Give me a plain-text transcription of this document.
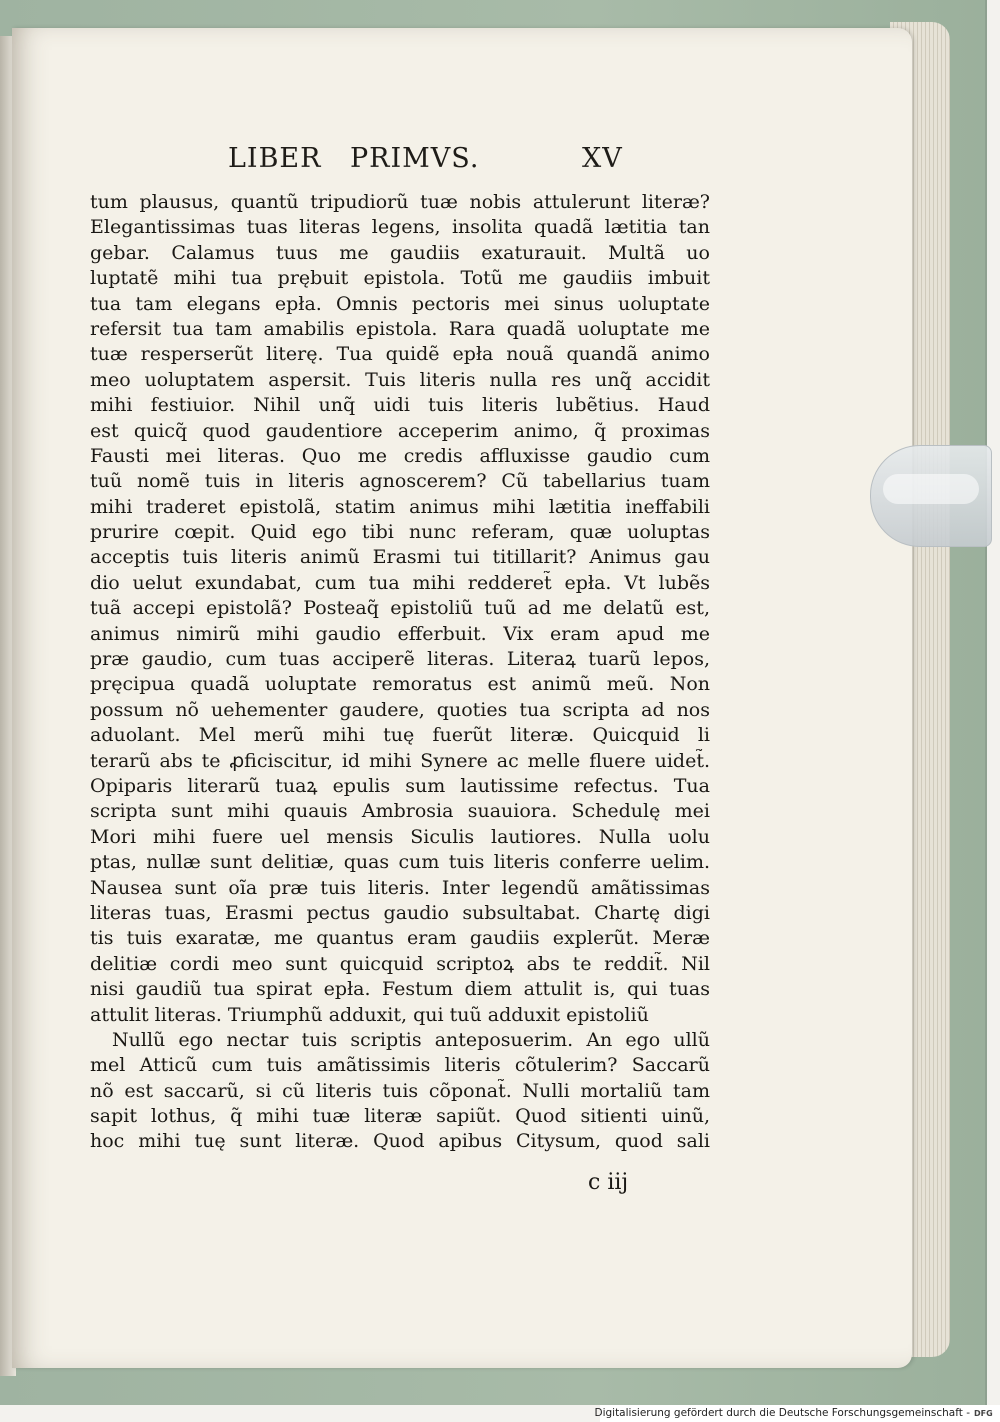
LIBER PRIMVS.	XV
tum plausus, quantũ tripudiorũ tuæ nobis attulerunt literæ?
Elegantissimas tuas literas legens, insolita quadã lætitia tan
gebar. Calamus tuus me gaudiis exaturauit. Multã uo
luptatẽ mihi tua prębuit epistola. Totũ me gaudiis imbuit
tua tam elegans epła. Omnis pectoris mei sinus uoluptate
refersit tua tam amabilis epistola. Rara quadã uoluptate me
tuæ resperserũt literę. Tua quidẽ epła nouã quandã animo
meo uoluptatem aspersit. Tuis literis nulla res unq̃ accidit
mihi festiuior. Nihil unq̃ uidi tuis literis lubẽtius. Haud
est quicq̃ quod gaudentiore acceperim animo, q̃ proximas
Fausti mei literas. Quo me credis affluxisse gaudio cum
tuũ nomẽ tuis in literis agnoscerem? Cũ tabellarius tuam
mihi traderet epistolã, statim animus mihi lætitia ineffabili
prurire cœpit. Quid ego tibi nunc referam, quæ uoluptas
acceptis tuis literis animũ Erasmi tui titillarit? Animus gau
dio uelut exundabat, cum tua mihi redderet̃ epła. Vt lubẽs
tuã accepi epistolã? Posteaq̃ epistoliũ tuũ ad me delatũ est,
animus nimirũ mihi gaudio efferbuit. Vix eram apud me
præ gaudio, cum tuas acciperẽ literas. Literaꝝ tuarũ lepos,
pręcipua quadã uoluptate remoratus est animũ meũ. Non
possum nõ uehementer gaudere, quoties tua scripta ad nos
aduolant. Mel merũ mihi tuę fuerũt literæ. Quicquid li
terarũ abs te ꝓficiscitur, id mihi Synere ac melle fluere uidet̃.
Opiparis literarũ tuaꝝ epulis sum lautissime refectus. Tua
scripta sunt mihi quauis Ambrosia suauiora. Schedulę mei
Mori mihi fuere uel mensis Siculis lautiores. Nulla uolu
ptas, nullæ sunt delitiæ, quas cum tuis literis conferre uelim.
Nausea sunt oĩa præ tuis literis. Inter legendũ amãtissimas
literas tuas, Erasmi pectus gaudio subsultabat. Chartę digi
tis tuis exaratæ, me quantus eram gaudiis explerũt. Meræ
delitiæ cordi meo sunt quicquid scriptoꝝ abs te reddit̃. Nil
nisi gaudiũ tua spirat epła. Festum diem attulit is, qui tuas
attulit literas. Triumphũ adduxit, qui tuũ adduxit epistoliũ
Nullũ ego nectar tuis scriptis anteposuerim. An ego ullũ
mel Atticũ cum tuis amãtissimis literis cõtulerim? Saccarũ
nõ est saccarũ, si cũ literis tuis cõponat̃. Nulli mortaliũ tam
sapit lothus, q̃ mihi tuæ literæ sapiũt. Quod sitienti uinũ,
hoc mihi tuę sunt literæ. Quod apibus Citysum, quod sali
c iij
Digitalisierung gefördert durch die Deutsche Forschungsgemeinschaft - DFG
